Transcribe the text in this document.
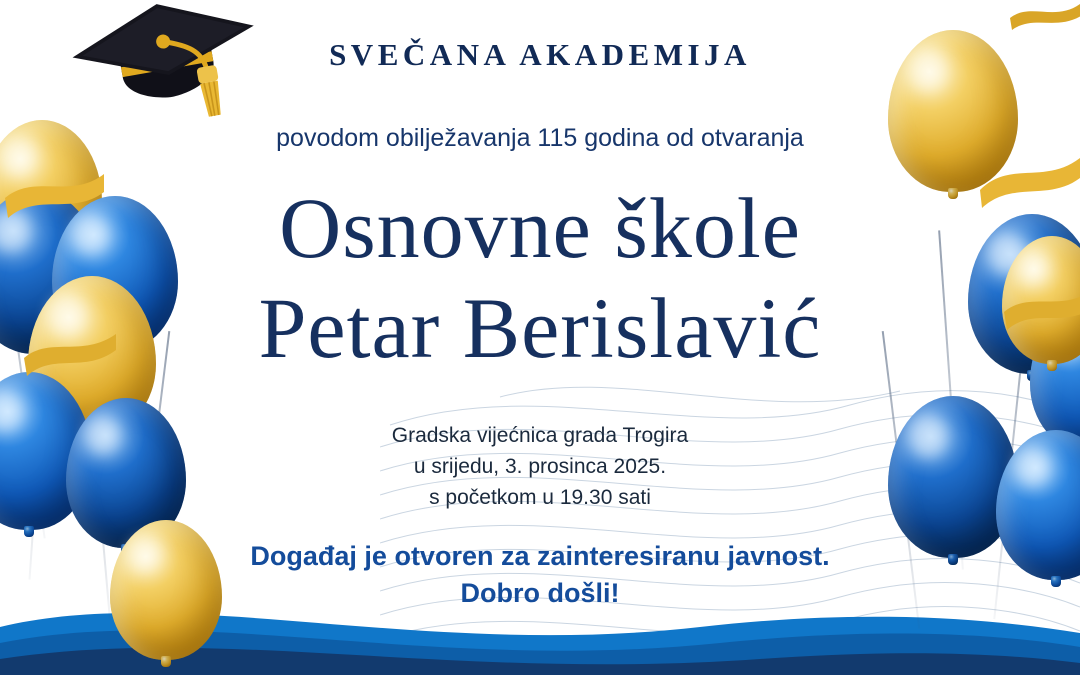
SVEČANA AKADEMIJA
povodom obilježavanja 115 godina od otvaranja
Osnovne škole
Petar Berislavić
Gradska vijećnica grada Trogira
u srijedu, 3. prosinca 2025.
s početkom u 19.30 sati
Događaj je otvoren za zainteresiranu javnost.
Dobro došli!
